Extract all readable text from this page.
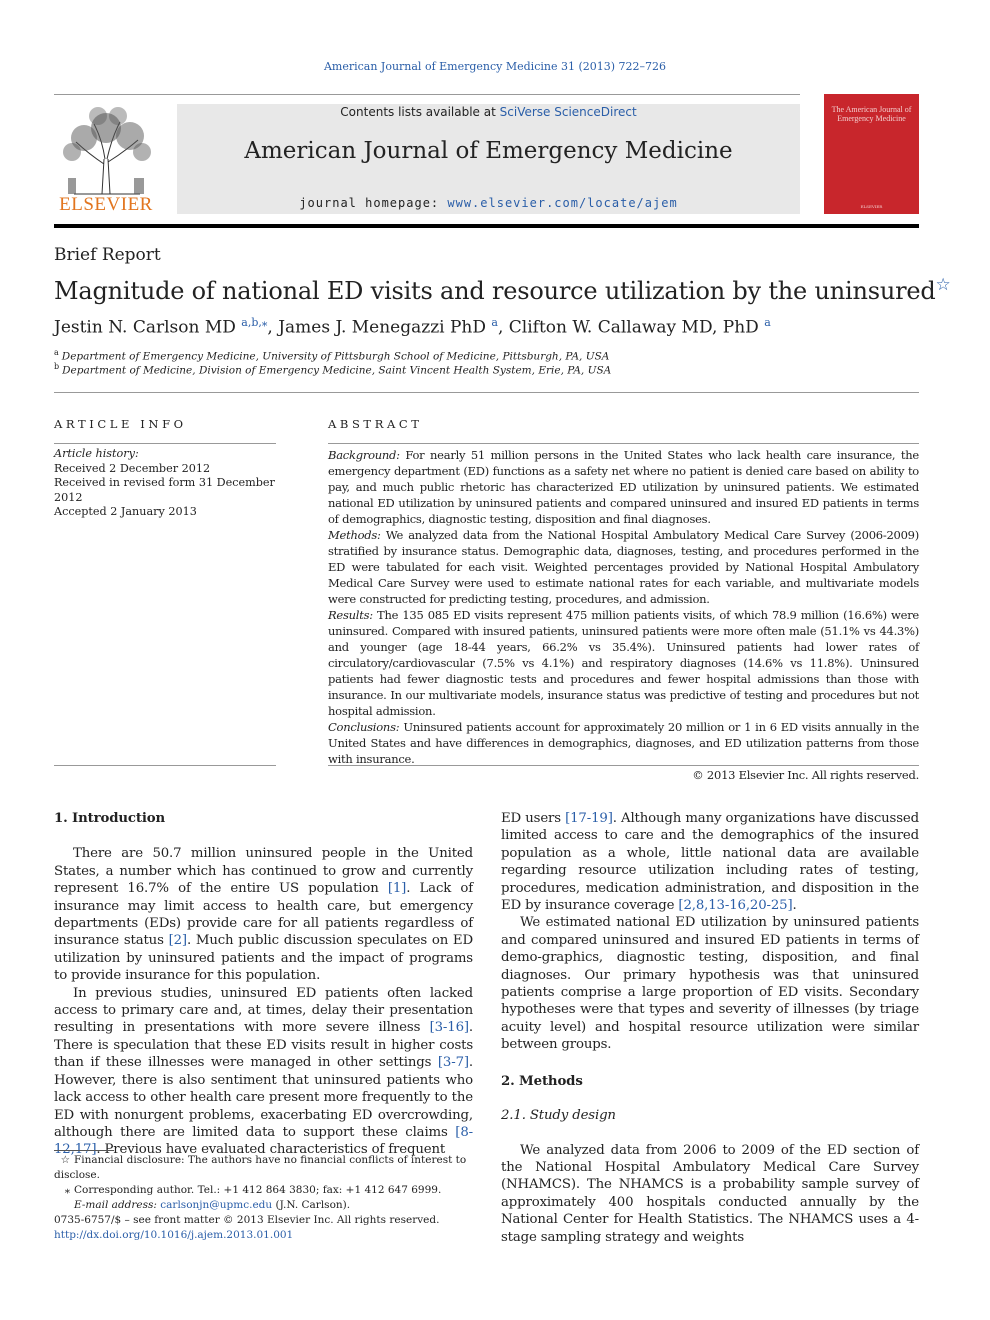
American Journal of Emergency Medicine 31 (2013) 722–726
ELSEVIER
Contents lists available at SciVerse ScienceDirect
American Journal of Emergency Medicine
journal homepage: www.elsevier.com/locate/ajem
The American Journal of Emergency Medicine
ELSEVIER
Brief Report
Magnitude of national ED visits and resource utilization by the uninsured☆
Jestin N. Carlson MD $^{a,b,⁎}$, James J. Menegazzi PhD $^a$, Clifton W. Callaway MD, PhD $^a$
$^a$ Department of Emergency Medicine, University of Pittsburgh School of Medicine, Pittsburgh, PA, USA
$^b$ Department of Medicine, Division of Emergency Medicine, Saint Vincent Health System, Erie, PA, USA
ARTICLE INFO
Article history:
Received 2 December 2012
Received in revised form 31 December 2012
Accepted 2 January 2013
ABSTRACT

Background: For nearly 51 million persons in the United States who lack health care insurance, the emergency department (ED) functions as a safety net where no patient is denied care based on ability to pay, and much public rhetoric has characterized ED utilization by uninsured patients. We estimated national ED utilization by uninsured patients and compared uninsured and insured ED patients in terms of demographics, diagnostic testing, disposition and final diagnoses.

Methods: We analyzed data from the National Hospital Ambulatory Medical Care Survey (2006-2009) stratified by insurance status. Demographic data, diagnoses, testing, and procedures performed in the ED were tabulated for each visit. Weighted percentages provided by National Hospital Ambulatory Medical Care Survey were used to estimate national rates for each variable, and multivariate models were constructed for predicting testing, procedures, and admission.

Results: The 135 085 ED visits represent 475 million patients visits, of which 78.9 million (16.6%) were uninsured. Compared with insured patients, uninsured patients were more often male (51.1% vs 44.3%) and younger (age 18-44 years, 66.2% vs 35.4%). Uninsured patients had lower rates of circulatory/cardiovascular (7.5% vs 4.1%) and respiratory diagnoses (14.6% vs 11.8%). Uninsured patients had fewer diagnostic tests and procedures and fewer hospital admissions than those with insurance. In our multivariate models, insurance status was predictive of testing and procedures but not hospital admission.

Conclusions: Uninsured patients account for approximately 20 million or 1 in 6 ED visits annually in the United States and have differences in demographics, diagnoses, and ED utilization patterns from those with insurance.

© 2013 Elsevier Inc. All rights reserved.

1. Introduction

There are 50.7 million uninsured people in the United States, a number which has continued to grow and currently represent 16.7% of the entire US population [1]. Lack of insurance may limit access to health care, but emergency departments (EDs) provide care for all patients regardless of insurance status [2]. Much public discussion speculates on ED utilization by uninsured patients and the impact of programs to provide insurance for this population.

In previous studies, uninsured ED patients often lacked access to primary care and, at times, delay their presentation resulting in presentations with more severe illness [3-16]. There is speculation that these ED visits result in higher costs than if these illnesses were managed in other settings [3-7]. However, there is also sentiment that uninsured patients who lack access to other health care present more frequently to the ED with nonurgent problems, exacerbating ED overcrowding, although there are limited data to support these claims [8-12,17]. Previous have evaluated characteristics of frequent

ED users [17-19]. Although many organizations have discussed limited access to care and the demographics of the insured population as a whole, little national data are available regarding resource utilization including rates of testing, procedures, medication administration, and disposition in the ED by insurance coverage [2,8,13-16,20-25].

We estimated national ED utilization by uninsured patients and compared uninsured and insured ED patients in terms of demo-graphics, diagnostic testing, disposition, and final diagnoses. Our primary hypothesis was that uninsured patients comprise a large proportion of ED visits. Secondary hypotheses were that types and severity of illnesses (by triage acuity level) and hospital resource utilization were similar between groups.

2. Methods
2.1. Study design

We analyzed data from 2006 to 2009 of the ED section of the National Hospital Ambulatory Medical Care Survey (NHAMCS). The NHAMCS is a probability sample survey of approximately 400 hospitals conducted annually by the National Center for Health Statistics. The NHAMCS uses a 4-stage sampling strategy and weights

☆ Financial disclosure: The authors have no financial conflicts of interest to disclose.
⁎ Corresponding author. Tel.: +1 412 864 3830; fax: +1 412 647 6999.
E-mail address: carlsonjn@upmc.edu (J.N. Carlson).
0735-6757/$ – see front matter © 2013 Elsevier Inc. All rights reserved.
http://dx.doi.org/10.1016/j.ajem.2013.01.001
